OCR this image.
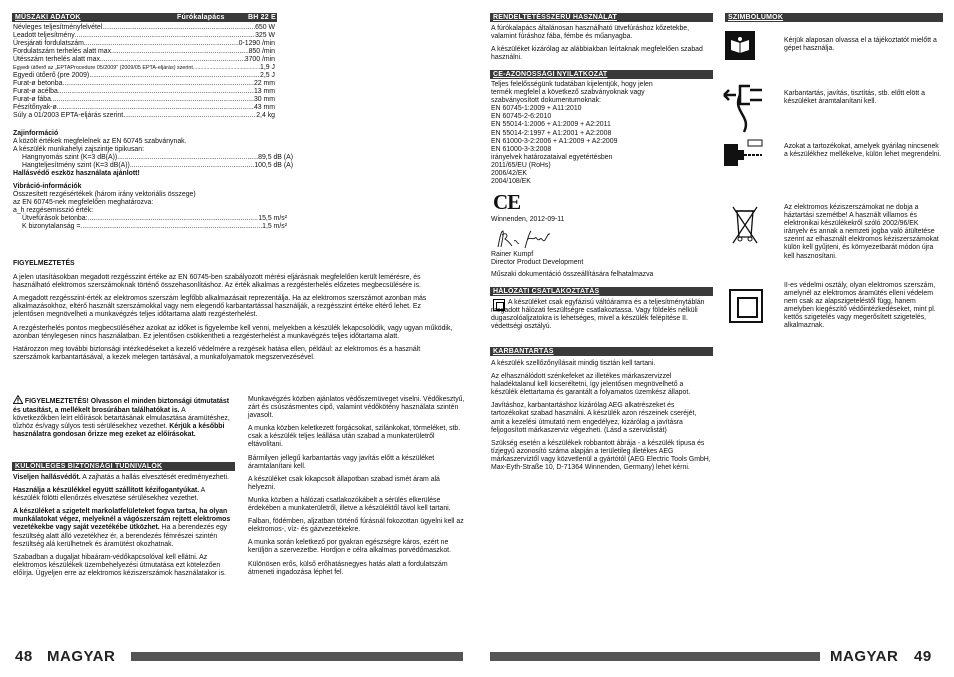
MŰSZAKI ADATOK	Fúrókalapács	BH 22 E
Névleges teljesítményfelvétel .....	650 W
Leadott teljesítmény .....	325 W
Üresjárati fordulatszám .....	0-1290 /min
Fordulatszám terhelés alatt max. .....	850 /min
Ütésszám terhelés alatt max. .....	3700 /min
Egyedi ütőerő az „EPTAProcedure 05/2009” (2009/05 EPTA-eljárás) szerint .....	1,9 J
Egyedi ütőerő (pre 2009) .....	2,5 J
Furat-ø betonba .....	22 mm
Furat-ø acélba .....	13 mm
Furat-ø fába .....	30 mm
Fészítőnyak-ø .....	43 mm
Súly a 01/2003 EPTA-eljárás szerint .....	2,4 kg
Zajinformáció
A közölt értékek megfelelnek az EN 60745 szabványnak.
A készülék munkahelyi zajszintje tipikusan:
Hangnyomás szint (K=3 dB(A)) .....	89,5 dB (A)
Hangteljesítmény szint (K=3 dB(A)) .....	100,5 dB (A)
Hallásvédő eszköz használata ajánlott!
Vibráció-információk
Összesített rezgésértékek (három irány vektoriális összege)
az EN 60745-nek megfelelően meghatározva:
a_h rezgésemisszió érték:
Ütvefúrások betonba: .....	15,5 m/s²
K bizonytalanság = .....	1,5 m/s²

FIGYELMEZTETÉS

A jelen utasításokban megadott rezgésszint értéke az EN 60745-ben szabályozott mérési eljárásnak megfelelően került lemérésre, és használható elektromos szerszámoknak történő összehasonlításhoz. Az érték alkalmas a rezgésterhelés előzetes megbecsülésére is.

A megadott rezgésszint-érték az elektromos szerszám legfőbb alkalmazásait reprezentálja. Ha az elektromos szerszámot azonban más alkalmazásokhoz, eltérő használt szerszámokkal vagy nem elegendő karbantartással használják, a rezgésszint értéke eltérő lehet. Ez jelentősen megnövelheti a munkavégzés teljes időtartama alatti rezgésterhelést.

A rezgésterhelés pontos megbecsüléséhez azokat az időket is figyelembe kell venni, melyekben a készülék lekapcsolódik, vagy ugyan működik, azonban ténylegesen nincs használatban. Ez jelentősen csökkentheti a rezgésterhelést a munkavégzés teljes időtartama alatt.

Határozzon meg további biztonsági intézkedéseket a kezelő védelmére a rezgések hatása ellen, például: az elektromos és a használt szerszámok karbantartásával, a kezek melegen tartásával, a munkafolyamatok megszervezésével.

FIGYELMEZTETÉS! Olvasson el minden biztonsági útmutatást és utasítást, a mellékelt brosúrában találhatókat is. A következőkben leírt előírások betartásának elmulasztása áramütéshez, tűzhöz és/vagy súlyos testi sérülésekhez vezethet. Kérjük a későbbi használatra gondosan őrizze meg ezeket az előírásokat.
KÜLÖNLEGES BIZTONSÁGI TUDNIVALÓK

Viseljen hallásvédőt. A zajhatás a hallás elvesztését eredményezheti.

Használja a készülékkel együtt szállított kézifogantyúkat. A készülék fölötti ellenőrzés elvesztése sérülésekhez vezethet.

A készüléket a szigetelt markolatfelületeket fogva tartsa, ha olyan munkálatokat végez, melyeknél a vágószerszám rejtett elektromos vezetékekbe vagy saját vezetékébe ütközhet. Ha a berendezés egy feszültség alatt álló vezetékhez ér, a berendezés fémrészei szintén feszültség alá kerülhetnek és áramütést okozhatnak.

Szabadban a dugaljat hibaáram-védőkapcsolóval kell ellátni. Az elektromos készülékek üzembehelyezési útmutatása ezt kötelezően előírja. Ügyeljen erre az elektromos kéziszerszámok használatakor is.

Munkavégzés közben ajánlatos védőszemüveget viselni. Védőkesztyű, zárt és csúszásmentes cipő, valamint védőkötény használata szintén javasolt.

A munka közben keletkezett forgácsokat, szilánkokat, törmeléket, stb. csak a készülék teljes leállása után szabad a munkaterületről eltávolítani.

Bármilyen jellegű karbantartás vagy javítás előtt a készüléket áramtalanítani kell.

A készüléket csak kikapcsolt állapotban szabad ismét áram alá helyezni.

Munka közben a hálózati csatlakozókábelt a sérülés elkerülése érdekében a munkaterületről, illetve a készüléktől távol kell tartani.

Falban, födémben, aljzatban történő fúrásnál fokozottan ügyelni kell az elektromos-, víz- és gázvezetékekre.

A munka során keletkező por gyakran egészségre káros, ezért ne kerüljön a szervezetbe. Hordjon e célra alkalmas porvédőmaszkot.

Különösen erős, külső erőhatásnegyes hatás alatt a fordulatszám átmeneti ingadozása léphet fel.

48 MAGYAR
RENDELTETÉSSZERŰ HASZNÁLAT

A fúrókalapács általánosan használható ütvefúráshoz kőzetekbe, valamint fúráshoz fába, fémbe és műanyagba.

A készüléket kizárólag az alábbiakban leírtaknak megfelelően szabad használni.

CE-AZONOSSÁGI NYILATKOZAT
Teljes felelősségünk tudatában kijelentjük, hogy jelen
termék megfelel a következő szabványoknak vagy
szabványosított dokumentumoknak:
EN 60745-1:2009 + A11:2010
EN 60745-2-6:2010
EN 55014-1:2006 + A1:2009 + A2:2011
EN 55014-2:1997 + A1:2001 + A2:2008
EN 61000-3-2:2006 + A1:2009 + A2:2009
EN 61000-3-3:2008
irányelvek határozataival egyetértésben
2011/65/EU (RoHs)
2006/42/EK
2004/108/EK
CE
Winnenden, 2012-09-11
Rainer Kumpf
Director Product Development
Műszaki dokumentáció összeállítására felhatalmazva
HÁLÓZATI CSATLAKOZTATÁS

A készüléket csak egyfázisú váltóáramra és a teljesítménytáblán megadott hálózati feszültségre csatlakoztassa. Vagy földelés nélküli dugaszolóaljzatokra is lehetséges, mivel a készülék felépítése II. védettségi osztályú.

KARBANTARTÁS

A készülék szellőzőnyílásait mindig tisztán kell tartani.

Az elhasználódott szénkefeket az illetékes márkaszervizzel haladéktalanul kell kicseréltetni, így jelentősen megnövelhető a készülék élettartama és garantált a folyamatos üzemkész állapot.

Javításhoz, karbantartáshoz kizárólag AEG alkatrészeket és tartozékokat szabad használni. A készülék azon részeinek cseréjét, amit a kezelési útmutató nem engedélyez, kizárólag a javításra feljogosított márkaszerviz végezheti. (Lásd a szervizlistát)

Szükség esetén a készülékek robbantott ábrája - a készülék típusa és tízjegyű azonosító száma alapján a területileg illetékes AEG márkaszerviztől vagy közvetlenül a gyártótól (AEG Electric Tools GmbH, Max-Eyth-Straße 10, D-71364 Winnenden, Germany) lehet kérni.

SZIMBÓLUMOK
Kérjük alaposan olvassa el a tájékoztatót mielőtt a gépet használja.
Karbantartás, javítás, tisztítás, stb. előtt elött a készüléket áramtalanítani kell.
Azokat a tartozékokat, amelyek gyárilag nincsenek a készülékhez mellékelve, külön lehet megrendelni.
Az elektromos kéziszerszámokat ne dobja a háztartási szemétbe! A használt villamos és elektronikai készülékekről szóló 2002/96/EK irányelv és annak a nemzeti jogba való átültetése szerint az elhasznált elektromos kéziszerszámokat külön kell gyűjteni, és környezetbarát módon újra kell hasznosítani.
II-es védelmi osztály, olyan elektromos szerszám, amelynél az elektromos áramütés elleni védelem nem csak az alapszigeteléstől függ, hanem amelyben kiegészítő védőintézkedéseket, mint pl. kettős szigetelés vagy megerősített szigetelés, alkalmaznak.
MAGYAR 49
